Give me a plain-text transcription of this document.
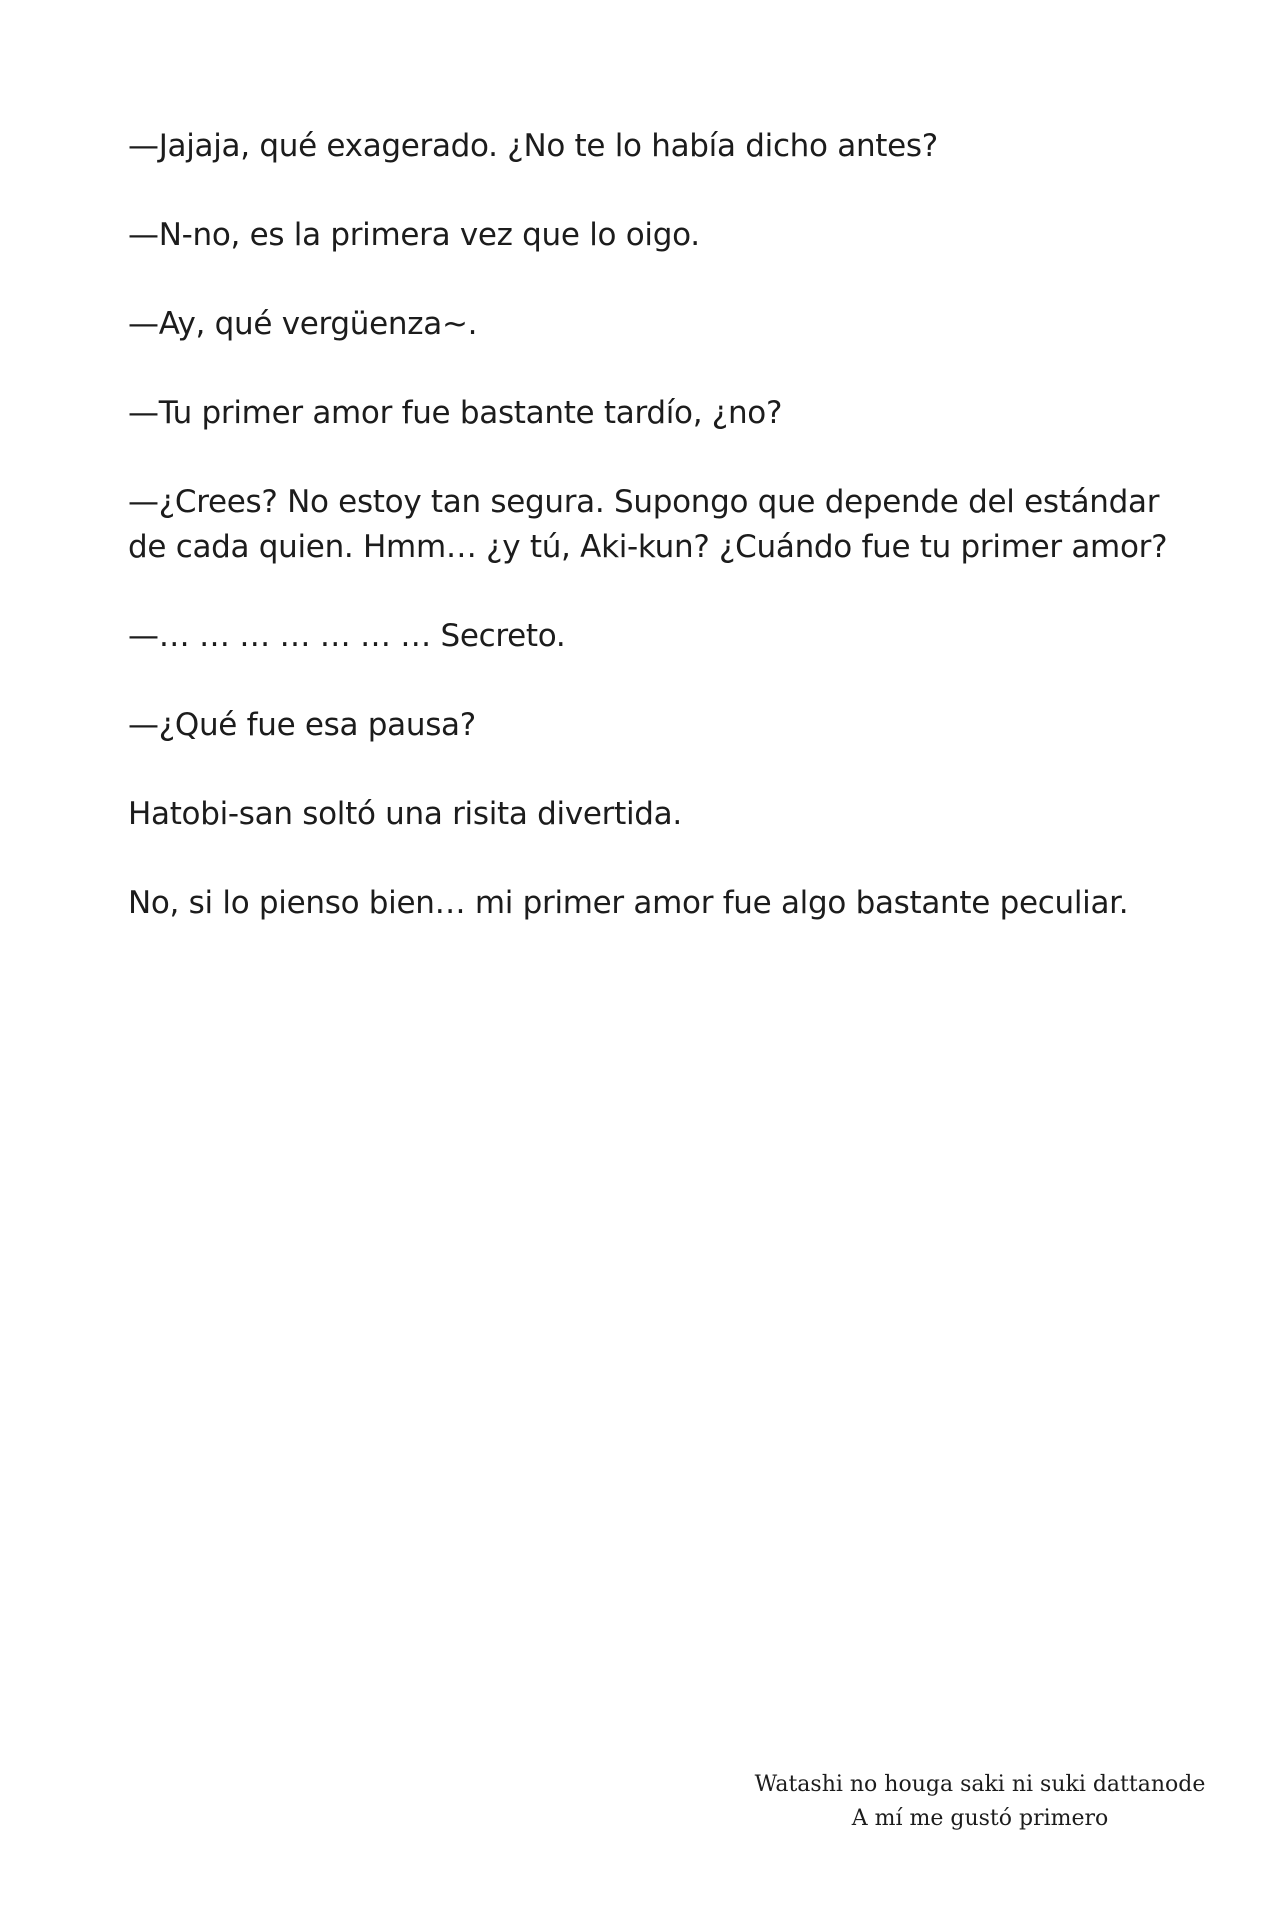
—Jajaja, qué exagerado. ¿No te lo había dicho antes?

—N-no, es la primera vez que lo oigo.

—Ay, qué vergüenza~.

—Tu primer amor fue bastante tardío, ¿no?

—¿Crees? No estoy tan segura. Supongo que depende del estándar de cada quien. Hmm… ¿y tú, Aki-kun? ¿Cuándo fue tu primer amor?

—… … … … … … … Secreto.

—¿Qué fue esa pausa?

Hatobi-san soltó una risita divertida.

No, si lo pienso bien… mi primer amor fue algo bastante peculiar.

Watashi no houga saki ni suki dattanode
A mí me gustó primero
